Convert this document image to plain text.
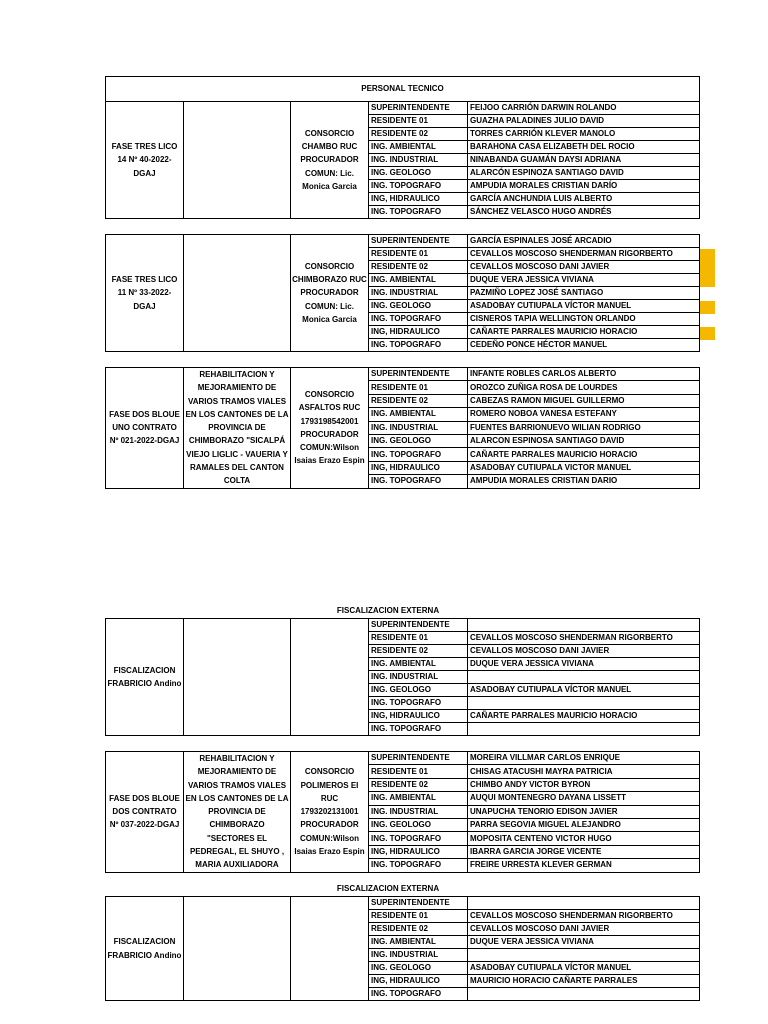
PERSONAL TECNICO				
FASE TRES LICO 14 Nº 40-2022-DGAJ		CONSORCIO CHAMBO RUC PROCURADOR COMUN: Lic. Monica Garcia	SUPERINTENDENTE	FEIJOO CARRIÓN DARWIN ROLANDO
			RESIDENTE 01	GUAZHA PALADINES JULIO DAVID
			RESIDENTE 02	TORRES CARRIÓN KLEVER MANOLO
			ING. AMBIENTAL	BARAHONA CASA ELIZABETH DEL ROCIO
			ING. INDUSTRIAL	NINABANDA GUAMÁN DAYSI ADRIANA
			ING. GEOLOGO	ALARCÓN ESPINOZA SANTIAGO DAVID
			ING. TOPOGRAFO	AMPUDIA MORALES CRISTIAN DARÍO
			ING, HIDRAULICO	GARCÍA ANCHUNDIA LUIS ALBERTO
			ING. TOPOGRAFO	SÁNCHEZ VELASCO HUGO ANDRÉS
FASE TRES LICO 11 Nº 33-2022-DGAJ		CONSORCIO CHIMBORAZO RUC PROCURADOR COMUN: Lic. Monica Garcia	SUPERINTENDENTE	GARCÍA ESPINALES JOSÉ ARCADIO
			RESIDENTE 01	CEVALLOS MOSCOSO SHENDERMAN RIGORBERTO
			RESIDENTE 02	CEVALLOS MOSCOSO DANI JAVIER
			ING. AMBIENTAL	DUQUE VERA JESSICA VIVIANA
			ING. INDUSTRIAL	PAZMIÑO LOPEZ JOSÉ SANTIAGO
			ING. GEOLOGO	ASADOBAY CUTIUPALA VÍCTOR MANUEL
			ING. TOPOGRAFO	CISNEROS TAPIA WELLINGTON ORLANDO
			ING, HIDRAULICO	CAÑARTE PARRALES MAURICIO HORACIO
			ING. TOPOGRAFO	CEDEÑO PONCE HÉCTOR MANUEL
FASE DOS BLOUE UNO CONTRATO Nº 021-2022-DGAJ	REHABILITACION Y MEJORAMIENTO DE VARIOS TRAMOS VIALES EN LOS CANTONES DE LA PROVINCIA DE CHIMBORAZO "SICALPÁ VIEJO LIGLIC - VAUERIA Y RAMALES DEL CANTON COLTA	CONSORCIO ASFALTOS RUC 1793198542001 PROCURADOR COMUN:Wilson Isaias Erazo Espin	SUPERINTENDENTE	INFANTE ROBLES CARLOS ALBERTO
			RESIDENTE 01	OROZCO ZUÑIGA ROSA DE LOURDES
			RESIDENTE 02	CABEZAS RAMON MIGUEL GUILLERMO
			ING. AMBIENTAL	ROMERO NOBOA VANESA ESTEFANY
			ING. INDUSTRIAL	FUENTES BARRIONUEVO WILIAN RODRIGO
			ING. GEOLOGO	ALARCON ESPINOSA SANTIAGO DAVID
			ING. TOPOGRAFO	CAÑARTE PARRALES MAURICIO HORACIO
			ING, HIDRAULICO	ASADOBAY CUTIUPALA VICTOR MANUEL
			ING. TOPOGRAFO	AMPUDIA MORALES CRISTIAN DARIO
FISCALIZACION EXTERNA
FISCALIZACION FRABRICIO Andino			SUPERINTENDENTE	
			RESIDENTE 01	CEVALLOS MOSCOSO SHENDERMAN RIGORBERTO
			RESIDENTE 02	CEVALLOS MOSCOSO DANI JAVIER
			ING. AMBIENTAL	DUQUE VERA JESSICA VIVIANA
			ING. INDUSTRIAL	
			ING. GEOLOGO	ASADOBAY CUTIUPALA VÍCTOR MANUEL
			ING. TOPOGRAFO	
			ING, HIDRAULICO	CAÑARTE PARRALES MAURICIO HORACIO
			ING. TOPOGRAFO	
FASE DOS BLOUE DOS CONTRATO Nº 037-2022-DGAJ	REHABILITACION Y MEJORAMIENTO DE VARIOS TRAMOS VIALES EN LOS CANTONES DE LA PROVINCIA DE CHIMBORAZO "SECTORES EL PEDREGAL, EL SHUYO , MARIA AUXILIADORA	CONSORCIO POLIMEROS EI RUC 1793202131001 PROCURADOR COMUN:Wilson Isaias Erazo Espin	SUPERINTENDENTE	MOREIRA VILLMAR CARLOS ENRIQUE
			RESIDENTE 01	CHISAG ATACUSHI MAYRA PATRICIA
			RESIDENTE 02	CHIMBO ANDY VICTOR BYRON
			ING. AMBIENTAL	AUQUI MONTENEGRO DAYANA LISSETT
			ING. INDUSTRIAL	UNAPUCHA TENORIO EDISON JAVIER
			ING. GEOLOGO	PARRA SEGOVIA MIGUEL ALEJANDRO
			ING. TOPOGRAFO	MOPOSITA CENTENO VICTOR HUGO
			ING, HIDRAULICO	IBARRA GARCIA JORGE VICENTE
			ING. TOPOGRAFO	FREIRE URRESTA KLEVER GERMAN
FISCALIZACION EXTERNA
FISCALIZACION FRABRICIO Andino			SUPERINTENDENTE	
			RESIDENTE 01	CEVALLOS MOSCOSO SHENDERMAN RIGORBERTO
			RESIDENTE 02	CEVALLOS MOSCOSO DANI JAVIER
			ING. AMBIENTAL	DUQUE VERA JESSICA VIVIANA
			ING. INDUSTRIAL	
			ING. GEOLOGO	ASADOBAY CUTIUPALA VÍCTOR MANUEL
			ING, HIDRAULICO	MAURICIO HORACIO CAÑARTE PARRALES
			ING. TOPOGRAFO	
